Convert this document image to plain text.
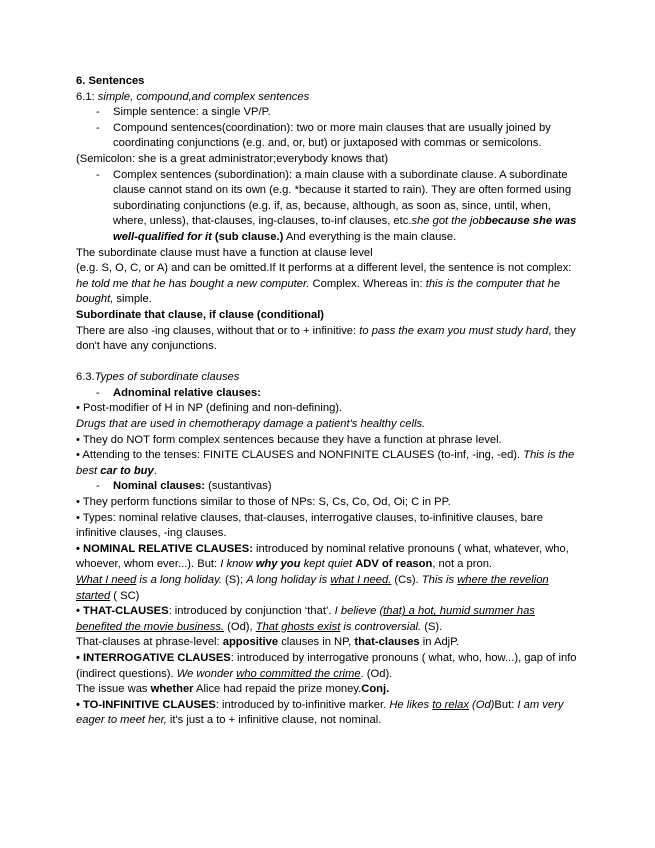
6. Sentences

6.1: simple, compound,and complex sentences

-	Simple sentence: a single VP/P.
-	Compound sentences(coordination): two or more main clauses that are usually joined by coordinating conjunctions (e.g. and, or, but) or juxtaposed with commas or semicolons.

(Semicolon: she is a great administrator;everybody knows that)

-	Complex sentences (subordination): a main clause with a subordinate clause. A subordinate clause cannot stand on its own (e.g. *because it started to rain). They are often formed using subordinating conjunctions (e.g. if, as, because, although, as soon as, since, until, when, where, unless), that-clauses, ing-clauses, to-inf clauses, etc.she got the jobbecause she was well-qualified for it (sub clause.) And everything is the main clause.

The subordinate clause must have a function at clause level

(e.g. S, O, C, or A) and can be omitted.If It performs at a different level, the sentence is not complex: he told me that he has bought a new computer. Complex. Whereas in: this is the computer that he bought, simple.

Subordinate that clause, if clause (conditional)

There are also -ing clauses, without that or to + infinitive: to pass the exam you must study hard, they don't have any conjunctions.

6.3.Types of subordinate clauses

-	Adnominal relative clauses:

• Post-modifier of H in NP (defining and non-defining).

Drugs that are used in chemotherapy damage a patient's healthy cells.

• They do NOT form complex sentences because they have a function at phrase level.

• Attending to the tenses: FINITE CLAUSES and NONFINITE CLAUSES (to-inf, -ing, -ed). This is the best car to buy.

-	Nominal clauses: (sustantivas)

• They perform functions similar to those of NPs: S, Cs, Co, Od, Oi; C in PP.

• Types: nominal relative clauses, that-clauses, interrogative clauses, to-infinitive clauses, bare infinitive clauses, -ing clauses.

• NOMINAL RELATIVE CLAUSES: introduced by nominal relative pronouns ( what, whatever, who, whoever, whom ever...). But: I know why you kept quiet ADV of reason, not a pron.
What I need is a long holiday. (S); A long holiday is what I need. (Cs). This is where the revelion started ( SC)

• THAT-CLAUSES: introduced by conjunction ‘that’. I believe (that) a hot, humid summer has benefited the movie business. (Od), That ghosts exist is controversial. (S).

That-clauses at phrase-level: appositive clauses in NP, that-clauses in AdjP.

• INTERROGATIVE CLAUSES: introduced by interrogative pronouns ( what, who, how...), gap of info (indirect questions). We wonder who committed the crime. (Od).

The issue was whether Alice had repaid the prize money.Conj.

• TO-INFINITIVE CLAUSES: introduced by to-infinitive marker. He likes to relax (Od)But: I am very eager to meet her, it's just a to + infinitive clause, not nominal.
